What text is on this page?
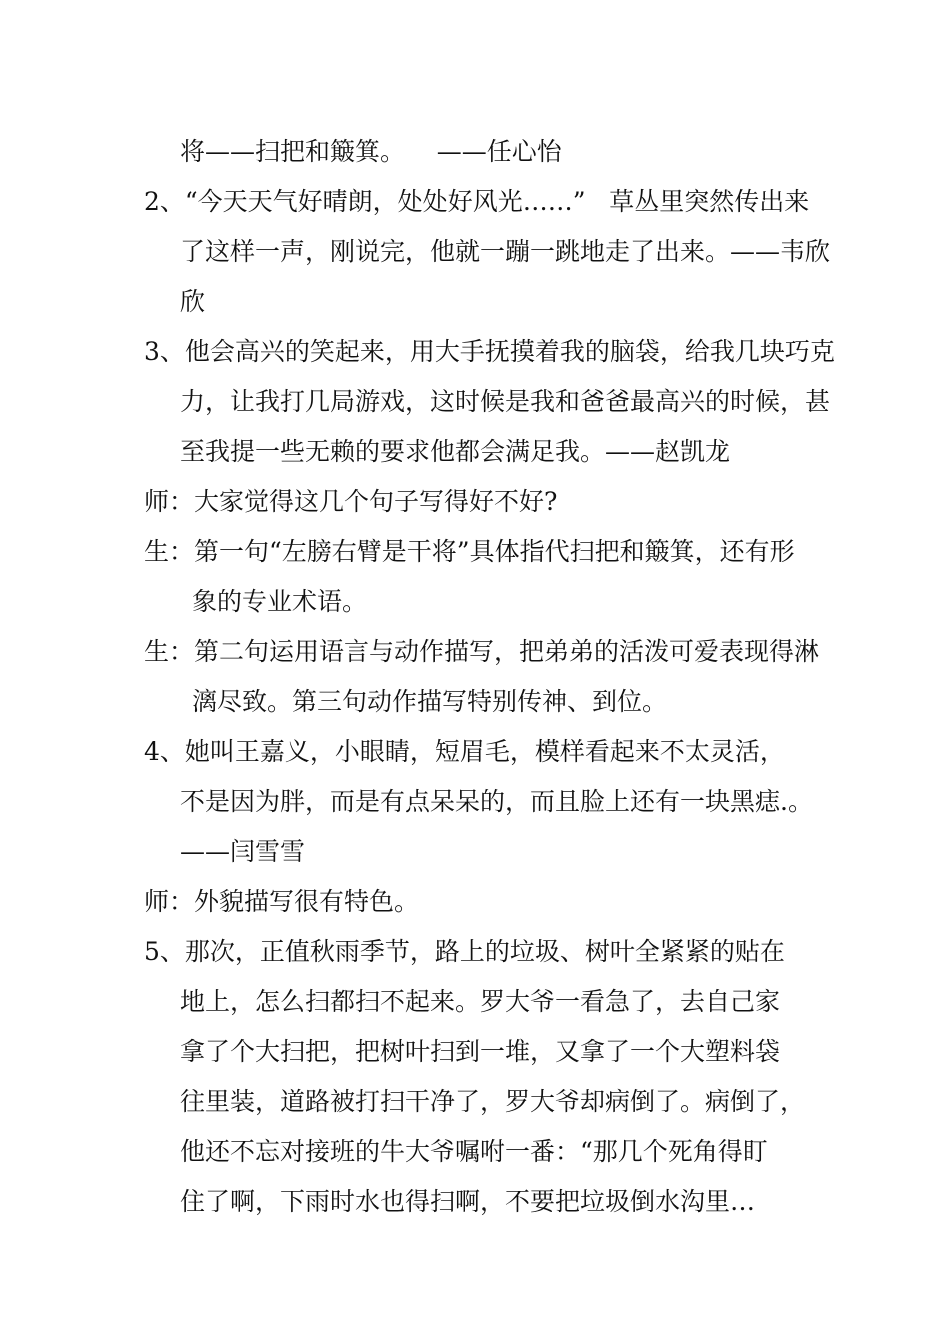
将——扫把和簸箕。    ——任心怡
2、“今天天气好晴朗，处处好风光……”   草丛里突然传出来
了这样一声，刚说完，他就一蹦一跳地走了出来。——韦欣
欣
3、他会高兴的笑起来，用大手抚摸着我的脑袋，给我几块巧克
力，让我打几局游戏，这时候是我和爸爸最高兴的时候，甚
至我提一些无赖的要求他都会满足我。——赵凯龙
师：大家觉得这几个句子写得好不好?
生：第一句“左膀右臂是干将”具体指代扫把和簸箕，还有形
象的专业术语。
生：第二句运用语言与动作描写，把弟弟的活泼可爱表现得淋
漓尽致。第三句动作描写特别传神、到位。
4、她叫王嘉义，小眼睛，短眉毛，模样看起来不太灵活，
不是因为胖，而是有点呆呆的，而且脸上还有一块黑痣.。
——闫雪雪
师：外貌描写很有特色。
5、那次，正值秋雨季节，路上的垃圾、树叶全紧紧的贴在
地上，怎么扫都扫不起来。罗大爷一看急了，去自己家
拿了个大扫把，把树叶扫到一堆，又拿了一个大塑料袋
往里装，道路被打扫干净了，罗大爷却病倒了。病倒了，
他还不忘对接班的牛大爷嘱咐一番：“那几个死角得盯
住了啊，下雨时水也得扫啊，不要把垃圾倒水沟里…
